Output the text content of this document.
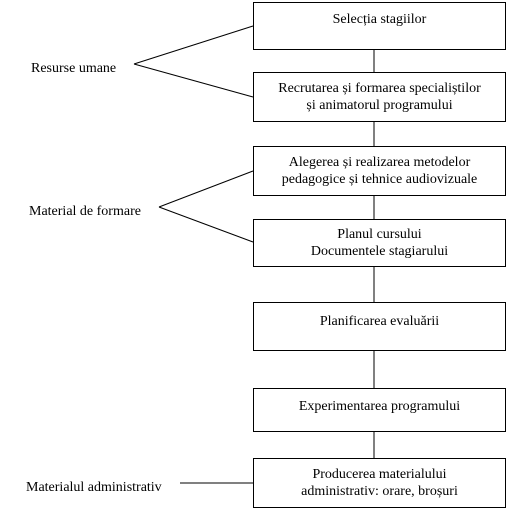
Resurse umane
Material de formare
Materialul administrativ
Selecția stagiilor
Recrutarea și formarea specialiștilor
și animatorul programului
Alegerea și realizarea metodelor
pedagogice și tehnice audiovizuale
Planul cursului
Documentele stagiarului
Planificarea evaluării
Experimentarea programului
Producerea materialului
administrativ: orare, broșuri
